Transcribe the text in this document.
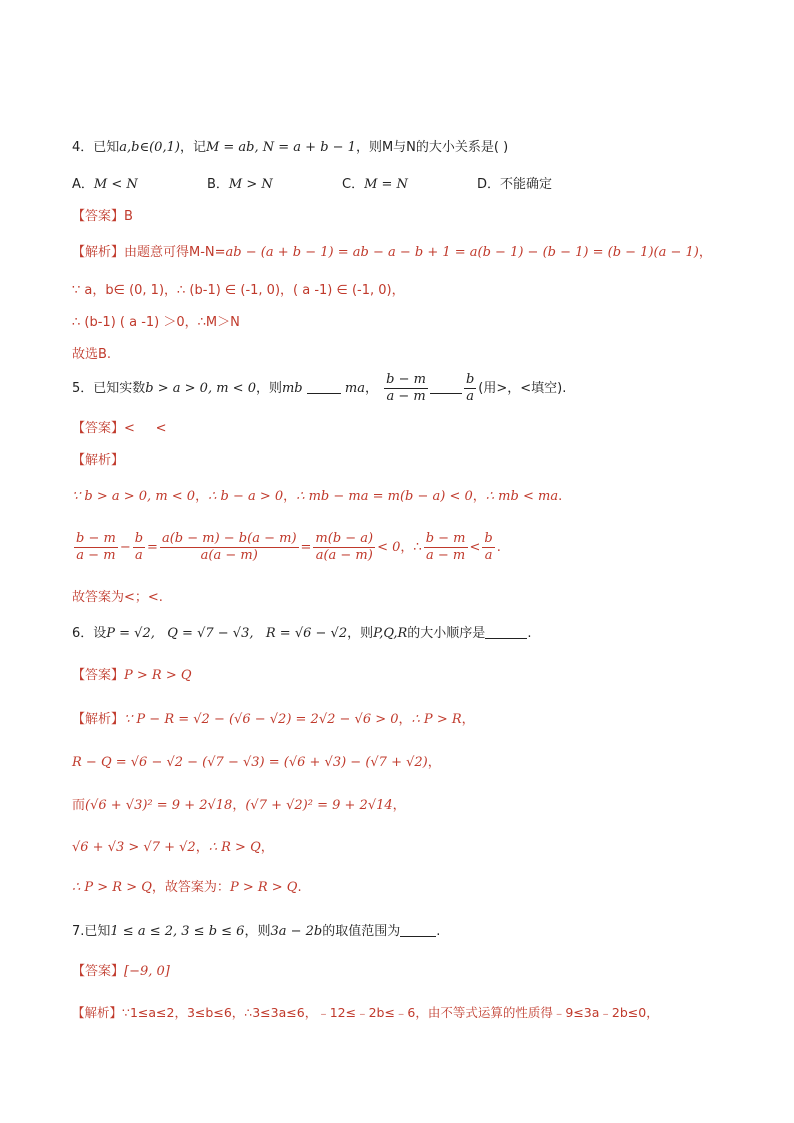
4．已知a,b∈(0,1)，记M = ab, N = a + b − 1，则M与N的大小关系是( )
A．M < N	B．M > N	C．M = N	D．不能确定
【答案】B
【解析】由题意可得M-N=ab − (a + b − 1) = ab − a − b + 1 = a(b − 1) − (b − 1) = (b − 1)(a − 1)，
∵ a，b∈ (0, 1)，∴ (b-1) ∈ (-1, 0)，( a -1) ∈ (-1, 0)，
∴ (b-1) ( a -1) ＞0，∴M＞N
故选B.
5．已知实数b > a > 0, m < 0，则mb	ma， $\frac{b - m}{a - m}$	$\frac{b}{a}$ (用>，<填空).
【答案】<     <
【解析】
∵ b > a > 0, m < 0，∴ b − a > 0，∴ mb − ma = m(b − a) < 0，∴ mb < ma.
$\frac{b - m}{a - m} - \frac{b}{a} = \frac{a(b - m) - b(a - m)}{a(a - m)} = \frac{m(b - a)}{a(a - m)} < 0$，∴ $\frac{b - m}{a - m} < \frac{b}{a}$ .
故答案为<；<.
6．设P = √2,   Q = √7 − √3,   R = √6 − √2，则P,Q,R的大小顺序是	.
【答案】P > R > Q
【解析】∵ P − R = √2 − (√6 − √2) = 2√2 − √6 > 0，∴ P > R，
R − Q = √6 − √2 − (√7 − √3) = (√6 + √3) − (√7 + √2)，
而(√6 + √3)² = 9 + 2√18，(√7 + √2)² = 9 + 2√14，
√6 + √3 > √7 + √2，∴ R > Q，
∴ P > R > Q，故答案为：P > R > Q.
7.已知1 ≤ a ≤ 2, 3 ≤ b ≤ 6，则3a − 2b的取值范围为	.
【答案】[−9, 0]
【解析】∵1≤a≤2，3≤b≤6，∴3≤3a≤6，﹣12≤﹣2b≤﹣6，由不等式运算的性质得﹣9≤3a﹣2b≤0，
